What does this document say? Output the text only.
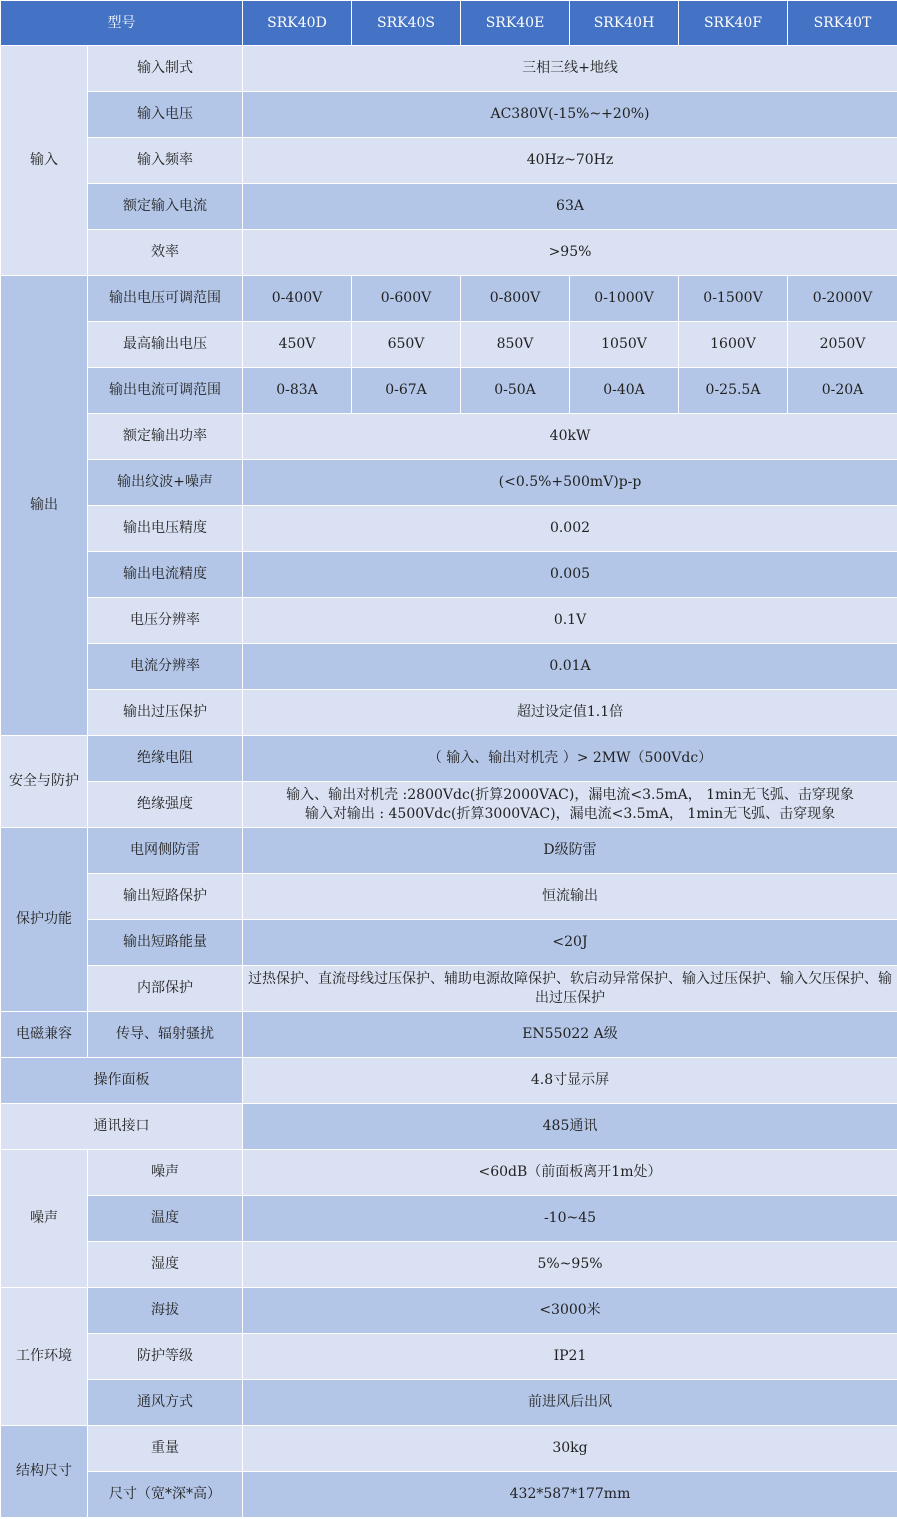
型号		SRK40D	SRK40S	SRK40E	SRK40H	SRK40F	SRK40T
输入	输入制式	三相三线+地线					
	输入电压	AC380V(-15%~+20%)					
	输入频率	40Hz~70Hz					
	额定输入电流	63A					
	效率	>95%					
输出	输出电压可调范围	0-400V	0-600V	0-800V	0-1000V	0-1500V	0-2000V
	最高输出电压	450V	650V	850V	1050V	1600V	2050V
	输出电流可调范围	0-83A	0-67A	0-50A	0-40A	0-25.5A	0-20A
	额定输出功率	40kW					
	输出纹波+噪声	(<0.5%+500mV)p-p					
	输出电压精度	0.002					
	输出电流精度	0.005					
	电压分辨率	0.1V					
	电流分辨率	0.01A					
	输出过压保护	超过设定值1.1倍					
安全与防护	绝缘电阻	（ 输入、输出对机壳 ）> 2MW（500Vdc）					
	绝缘强度	输入、输出对机壳 :2800Vdc(折算2000VAC)，漏电流<3.5mA， 1min无飞弧、击穿现象
输入对输出 : 4500Vdc(折算3000VAC)，漏电流<3.5mA， 1min无飞弧、击穿现象					

保护功能	电网侧防雷	D级防雷					
	输出短路保护	恒流输出					
	输出短路能量	<20J					
	内部保护	过热保护、直流母线过压保护、辅助电源故障保护、软启动异常保护、输入过压保护、输入欠压保护、输出过压保护					
电磁兼容	传导、辐射骚扰	EN55022 A级					
操作面板		4.8寸显示屏					
通讯接口		485通讯					
噪声	噪声	<60dB（前面板离开1m处）					
	温度	-10~45					
	湿度	5%~95%					
工作环境	海拔	<3000米					
	防护等级	IP21					
	通风方式	前进风后出风					
结构尺寸	重量	30kg					
	尺寸（宽*深*高）	432*587*177mm					
